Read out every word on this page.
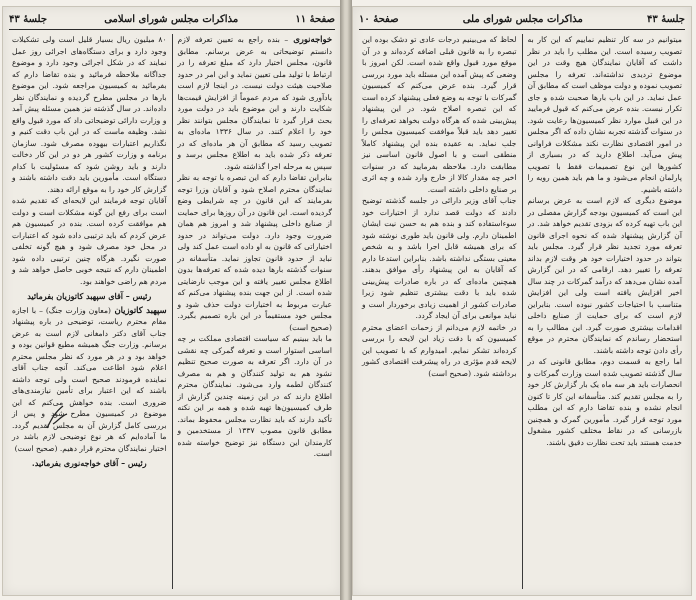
صفحهٔ ۱۱
مذاکرات مجلس شورای اسلامی
جلسهٔ ۴۳

خواجه‌نوری – بنده راجع به تعیین تعرفه لازم دانستم توضیحاتی به عرض برسانم. مطابق قانون، مجلس اختیار دارد که مبلغ تعرفه را در ارتباط با تولید ملی تعیین نماید و این امر در حدود صلاحیت هیئت دولت نیست. در اینجا لازم است یادآوری شود که مردم عموماً از افزایش قیمت‌ها شکایت دارند و این موضوع باید در دولت مورد بحث قرار گیرد تا نمایندگان مجلس بتوانند نظر خود را اعلام کنند. در سال ۱۳۳۶ ماده‌ای به تصویب رسید که مطابق آن هر ماده‌ای که در تعرفه ذکر شده باید به اطلاع مجلس برسد و سپس به مرحله اجرا گذاشته شود.

بنابراین تقاضا دارم که این تبصره با توجه به نظر نمایندگان محترم اصلاح شود و آقایان وزرا توجه بفرمایند که این قانون در چه شرایطی وضع گردیده است. این قانون در آن روزها برای حمایت از صنایع داخلی پیشنهاد شد و امروز هم همان ضرورت وجود دارد. دولت می‌تواند در حدود اختیاراتی که قانون به او داده است عمل کند ولی نباید از حدود قانون تجاوز نماید. متأسفانه در سنوات گذشته بارها دیده شده که تعرفه‌ها بدون اطلاع مجلس تغییر یافته و این موجب نارضایتی شده است. از این جهت بنده پیشنهاد می‌کنم که عبارت مربوط به اختیارات دولت حذف شود و مجلس خود مستقیماً در این باره تصمیم بگیرد. (صحیح است)

ما باید ببینیم که سیاست اقتصادی مملکت بر چه اساسی استوار است و تعرفه گمرکی چه نقشی در آن دارد. اگر تعرفه به صورت صحیح تنظیم نشود هم به تولید کنندگان و هم به مصرف کنندگان لطمه وارد می‌شود. نمایندگان محترم اطلاع دارند که در این زمینه چندین گزارش از طرف کمیسیون‌ها تهیه شده و همه بر این نکته تأکید دارند که باید نظارت مجلس محفوظ بماند. مطابق قانون مصوب ۱۳۳۷ از مستخدمین و کارمندان این دستگاه نیز توضیح خواسته شده است.

۸۰ میلیون ریال بسیار قلیل است ولی تشکیلات وجود دارد و برای دستگاه‌های اجرائی روز عمل نمایند که در شکل اجرائی وجود دارد و موضوع جداگانه ملاحظه فرمائید و بنده تقاضا دارم که بفرمائید به کمیسیون مراجعه شود. این موضوع بارها در مجلس مطرح گردیده و نمایندگان نظر داده‌اند. در سال گذشته نیز همین مسئله پیش آمد و وزارت دارائی توضیحاتی داد که مورد قبول واقع نشد. وظیفه ماست که در این باب دقت کنیم و نگذاریم اعتبارات بیهوده مصرف شود. سازمان برنامه و وزارت کشور هر دو در این کار دخالت دارند و باید روشن شود که مسئولیت با کدام دستگاه است. مأمورین باید دقت داشته باشند و گزارش کار خود را به موقع ارائه دهند.

آقایان توجه فرمایند این لایحه‌ای که تقدیم شده است برای رفع این گونه مشکلات است و دولت هم موافقت کرده است. بنده در کمیسیون هم عرض کردم که باید ترتیبی داده شود که اعتبارات در محل خود مصرف شود و هیچ گونه تخلفی صورت نگیرد. هرگاه چنین ترتیبی داده شود اطمینان دارم که نتیجه خوبی حاصل خواهد شد و مردم هم راضی خواهند بود.

رئیس – آقای سپهبد کاتوزیان بفرمائید

سپهبد کاتوزیان (معاون وزارت جنگ) – با اجازه مقام محترم ریاست، توضیحی در باره پیشنهاد جناب آقای دکتر دامغانی لازم است به عرض برسانم. وزارت جنگ همیشه مطیع قوانین بوده و خواهد بود و در هر مورد که نظر مجلس محترم اعلام شود اطاعت می‌کند. آنچه جناب آقای نماینده فرمودند صحیح است ولی توجه داشته باشند که این اعتبار برای تأمین نیازمندی‌های ضروری است. بنده خواهش می‌کنم که این موضوع در کمیسیون مطرح شود و پس از بررسی کامل گزارش آن به مجلس تقدیم گردد. ما آماده‌ایم که هر نوع توضیحی لازم باشد در اختیار نمایندگان محترم قرار دهیم. (صحیح است)

رئیس – آقای خواجه‌نوری بفرمائید.
جلسهٔ ۴۳
مذاکرات مجلس شورای ملی
صفحهٔ ۱۰

میتوانیم در سه کار تنظیم نماییم که این کار به تصویب رسیده است. این مطلب را باید در نظر داشت که آقایان نمایندگان هیچ وقت در این موضوع تردیدی نداشته‌اند. تعرفه را مجلس تصویب نموده و دولت موظف است که مطابق آن عمل نماید. در این باب بارها صحبت شده و جای تکرار نیست. بنده عرض می‌کنم که قبول فرمایید در این قبیل موارد نظر کمیسیون‌ها رعایت شود. در سنوات گذشته تجربه نشان داده که اگر مجلس در امور اقتصادی نظارت نکند مشکلات فراوانی پیش می‌آید. اطلاع دارید که در بسیاری از کشورها این نوع تصمیمات فقط با تصویب پارلمان انجام می‌شود و ما هم باید همین رویه را داشته باشیم.

موضوع دیگری که لازم است به عرض برسانم این است که کمیسیون بودجه گزارش مفصلی در این باب تهیه کرده که بزودی تقدیم خواهد شد. در آن گزارش پیشنهاد شده که نحوه اجرای قانون تعرفه مورد تجدید نظر قرار گیرد. مجلس باید بتواند در حدود اختیارات خود هر وقت لازم بداند تعرفه را تغییر دهد. ارقامی که در این گزارش آمده نشان می‌دهد که درآمد گمرکات در چند سال اخیر افزایش یافته است ولی این افزایش متناسب با احتیاجات کشور نبوده است. بنابراین لازم است که برای حمایت از صنایع داخلی اقدامات بیشتری صورت گیرد. این مطالب را به استحضار رساندم که نمایندگان محترم در موقع رأی دادن توجه داشته باشند.

اما راجع به قسمت دوم، مطابق قانونی که در سال گذشته تصویب شده است وزارت گمرکات و انحصارات باید هر سه ماه یک بار گزارش کار خود را به مجلس تقدیم کند. متأسفانه این کار تا کنون انجام نشده و بنده تقاضا دارم که این مطلب مورد توجه قرار گیرد. مأمورین گمرک و همچنین بازرسانی که در نقاط مختلف کشور مشغول خدمت هستند باید تحت نظارت دقیق باشند.

لحاظ که می‌بینیم درجات عادی تو دشک بوده این تبصره را به قانون قبلی اضافه کرده‌اند و در آن موقع مورد قبول واقع شده است. لکن امروز با وضعی که پیش آمده این مسئله باید مورد بررسی قرار گیرد. بنده عرض می‌کنم که کمیسیون گمرکات با توجه به وضع فعلی پیشنهاد کرده است که این تبصره اصلاح شود. در این پیشنهاد پیش‌بینی شده که هرگاه دولت بخواهد تعرفه‌ای را تغییر دهد باید قبلاً موافقت کمیسیون مجلس را جلب نماید. به عقیده بنده این پیشنهاد کاملاً منطقی است و با اصول قانون اساسی نیز مطابقت دارد. ملاحظه بفرمایید که در سنوات اخیر چه مقدار کالا از خارج وارد شده و چه اثری بر صنایع داخلی داشته است.

جناب آقای وزیر دارائی در جلسه گذشته توضیح دادند که دولت قصد ندارد از اختیارات خود سوءاستفاده کند و بنده هم به حسن نیت ایشان اطمینان دارم. ولی قانون باید طوری نوشته شود که برای همیشه قابل اجرا باشد و به شخص معینی بستگی نداشته باشد. بنابراین استدعا دارم که آقایان به این پیشنهاد رأی موافق بدهند. همچنین ماده‌ای که در باره صادرات پیش‌بینی شده باید با دقت بیشتری تنظیم شود زیرا صادرات کشور از اهمیت زیادی برخوردار است و نباید موانعی برای آن ایجاد گردد.

در خاتمه لازم می‌دانم از زحمات اعضای محترم کمیسیون که با دقت زیاد این لایحه را بررسی کرده‌اند تشکر نمایم. امیدوارم که با تصویب این لایحه قدم مؤثری در راه پیشرفت اقتصادی کشور برداشته شود. (صحیح است)
